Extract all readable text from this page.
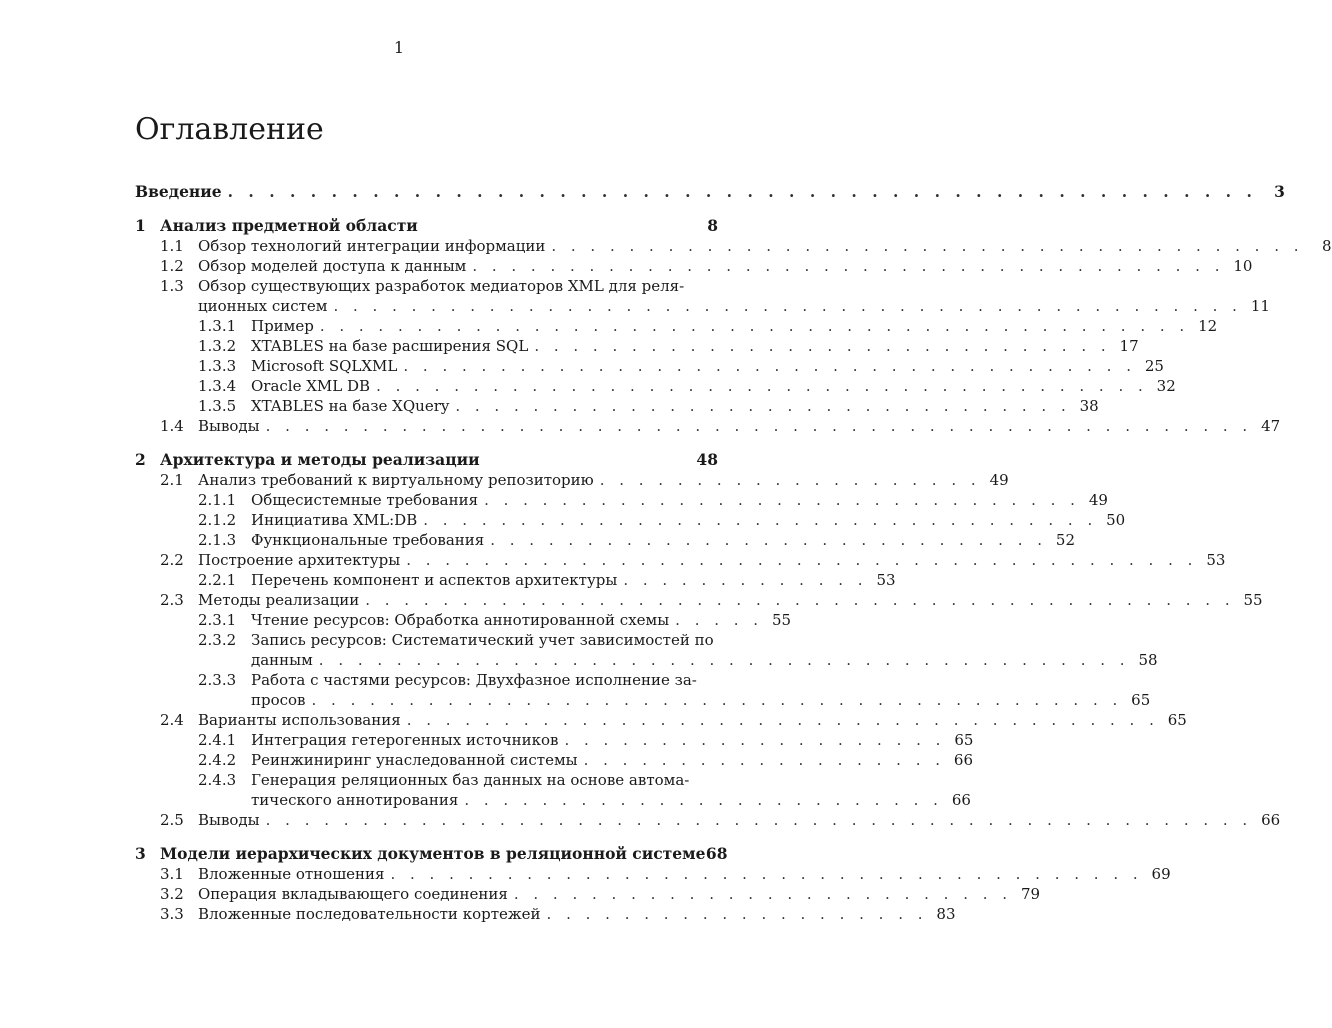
1
Оглавление
Введение . . . . . . . . . . . . . . . . . . . . . . . . . . . . . . . . . . . . . . . . . . . . . . . . . .	3
1 Анализ предметной области	8
1.1 Обзор технологий интеграции информации . . . . . . . . . . . . . . . . . . . . . . . . . . . . . . . . . . . . . . .	8
1.2 Обзор моделей доступа к данным . . . . . . . . . . . . . . . . . . . . . . . . . . . . . . . . . . . . . . . 10
1.3 Обзор существующих разработок медиаторов XML для реля-
ционных систем . . . . . . . . . . . . . . . . . . . . . . . . . . . . . . . . . . . . . . . . . . . . . . . 11
1.3.1 Пример . . . . . . . . . . . . . . . . . . . . . . . . . . . . . . . . . . . . . . . . . . . . . 12
1.3.2 XTABLES на базе расширения SQL . . . . . . . . . . . . . . . . . . . . . . . . . . . . . . 17
1.3.3 Microsoft SQLXML . . . . . . . . . . . . . . . . . . . . . . . . . . . . . . . . . . . . . . 25
1.3.4 Oracle XML DB . . . . . . . . . . . . . . . . . . . . . . . . . . . . . . . . . . . . . . . . 32
1.3.5 XTABLES на базе XQuery . . . . . . . . . . . . . . . . . . . . . . . . . . . . . . . . 38
1.4 Выводы . . . . . . . . . . . . . . . . . . . . . . . . . . . . . . . . . . . . . . . . . . . . . . . . . . . 47
2 Архитектура и методы реализации	48
2.1 Анализ требований к виртуальному репозиторию . . . . . . . . . . . . . . . . . . . . 49
2.1.1 Общесистемные требования . . . . . . . . . . . . . . . . . . . . . . . . . . . . . . . 49
2.1.2 Инициатива XML:DB . . . . . . . . . . . . . . . . . . . . . . . . . . . . . . . . . . . 50
2.1.3 Функциональные требования . . . . . . . . . . . . . . . . . . . . . . . . . . . . . 52
2.2 Построение архитектуры . . . . . . . . . . . . . . . . . . . . . . . . . . . . . . . . . . . . . . . . . 53
2.2.1 Перечень компонент и аспектов архитектуры . . . . . . . . . . . . . 53
2.3 Методы реализации . . . . . . . . . . . . . . . . . . . . . . . . . . . . . . . . . . . . . . . . . . . . . 55
2.3.1 Чтение ресурсов: Обработка аннотированной схемы . . . . . 55
2.3.2 Запись ресурсов: Систематический учет зависимостей по
данным . . . . . . . . . . . . . . . . . . . . . . . . . . . . . . . . . . . . . . . . . . 58
2.3.3 Работа с частями ресурсов: Двухфазное исполнение за-
просов . . . . . . . . . . . . . . . . . . . . . . . . . . . . . . . . . . . . . . . . . . 65
2.4 Варианты использования . . . . . . . . . . . . . . . . . . . . . . . . . . . . . . . . . . . . . . . 65
2.4.1 Интеграция гетерогенных источников . . . . . . . . . . . . . . . . . . . . 65
2.4.2 Реинжиниринг унаследованной системы . . . . . . . . . . . . . . . . . . . 66
2.4.3 Генерация реляционных баз данных на основе автома-
тического аннотирования . . . . . . . . . . . . . . . . . . . . . . . . . 66
2.5 Выводы . . . . . . . . . . . . . . . . . . . . . . . . . . . . . . . . . . . . . . . . . . . . . . . . . . . 66
3 Модели иерархических документов в реляционной системе 68
3.1 Вложенные отношения . . . . . . . . . . . . . . . . . . . . . . . . . . . . . . . . . . . . . . . 69
3.2 Операция вкладывающего соединения . . . . . . . . . . . . . . . . . . . . . . . . . . 79
3.3 Вложенные последовательности кортежей . . . . . . . . . . . . . . . . . . . . 83
